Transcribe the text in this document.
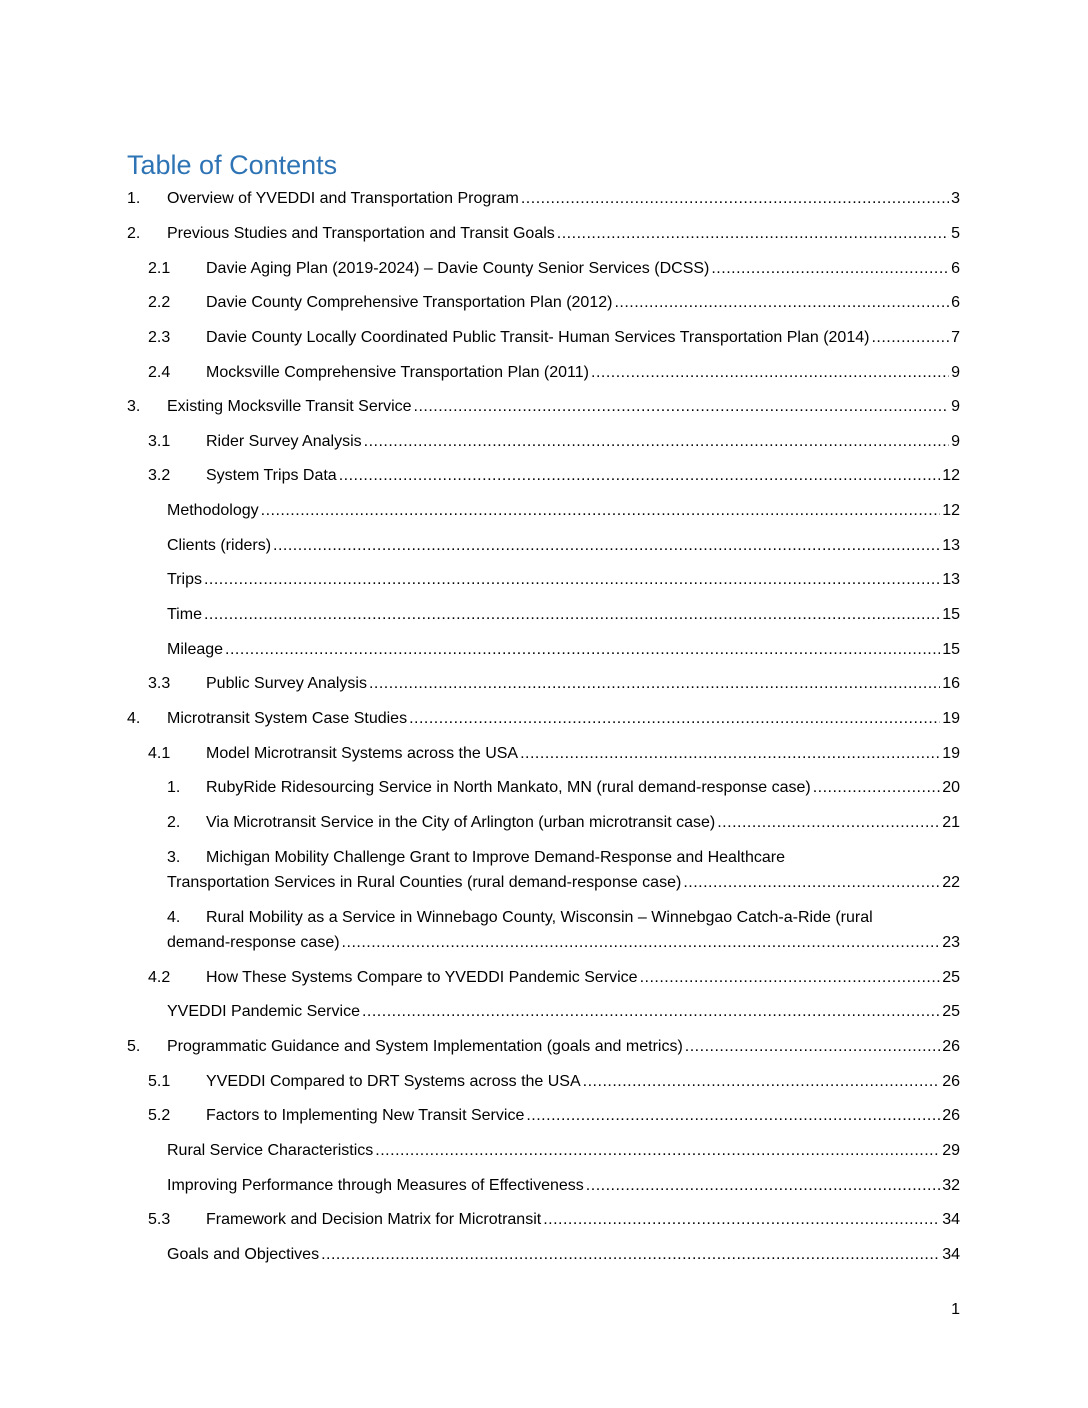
Table of Contents
1. Overview of YVEDDI and Transportation Program .....	3
2. Previous Studies and Transportation and Transit Goals .....	5
2.1 Davie Aging Plan (2019-2024) – Davie County Senior Services (DCSS) .....	6
2.2 Davie County Comprehensive Transportation Plan (2012) .....	6
2.3 Davie County Locally Coordinated Public Transit- Human Services Transportation Plan (2014) .....	7
2.4 Mocksville Comprehensive Transportation Plan (2011) .....	9
3. Existing Mocksville Transit Service .....	9
3.1 Rider Survey Analysis .....	9
3.2 System Trips Data .....	12
Methodology .....	12
Clients (riders) .....	13
Trips .....	13
Time .....	15
Mileage .....	15
3.3 Public Survey Analysis .....	16
4. Microtransit System Case Studies .....	19
4.1 Model Microtransit Systems across the USA .....	19
1. RubyRide Ridesourcing Service in North Mankato, MN (rural demand-response case) .....	20
2. Via Microtransit Service in the City of Arlington (urban microtransit case) .....	21
3. Michigan Mobility Challenge Grant to Improve Demand-Response and Healthcare
Transportation Services in Rural Counties (rural demand-response case) .....	22
4. Rural Mobility as a Service in Winnebago County, Wisconsin – Winnebgao Catch-a-Ride (rural
demand-response case) .....	23
4.2 How These Systems Compare to YVEDDI Pandemic Service .....	25
YVEDDI Pandemic Service .....	25
5. Programmatic Guidance and System Implementation (goals and metrics) .....	26
5.1 YVEDDI Compared to DRT Systems across the USA .....	26
5.2 Factors to Implementing New Transit Service .....	26
Rural Service Characteristics .....	29
Improving Performance through Measures of Effectiveness .....	32
5.3 Framework and Decision Matrix for Microtransit .....	34
Goals and Objectives .....	34
1
